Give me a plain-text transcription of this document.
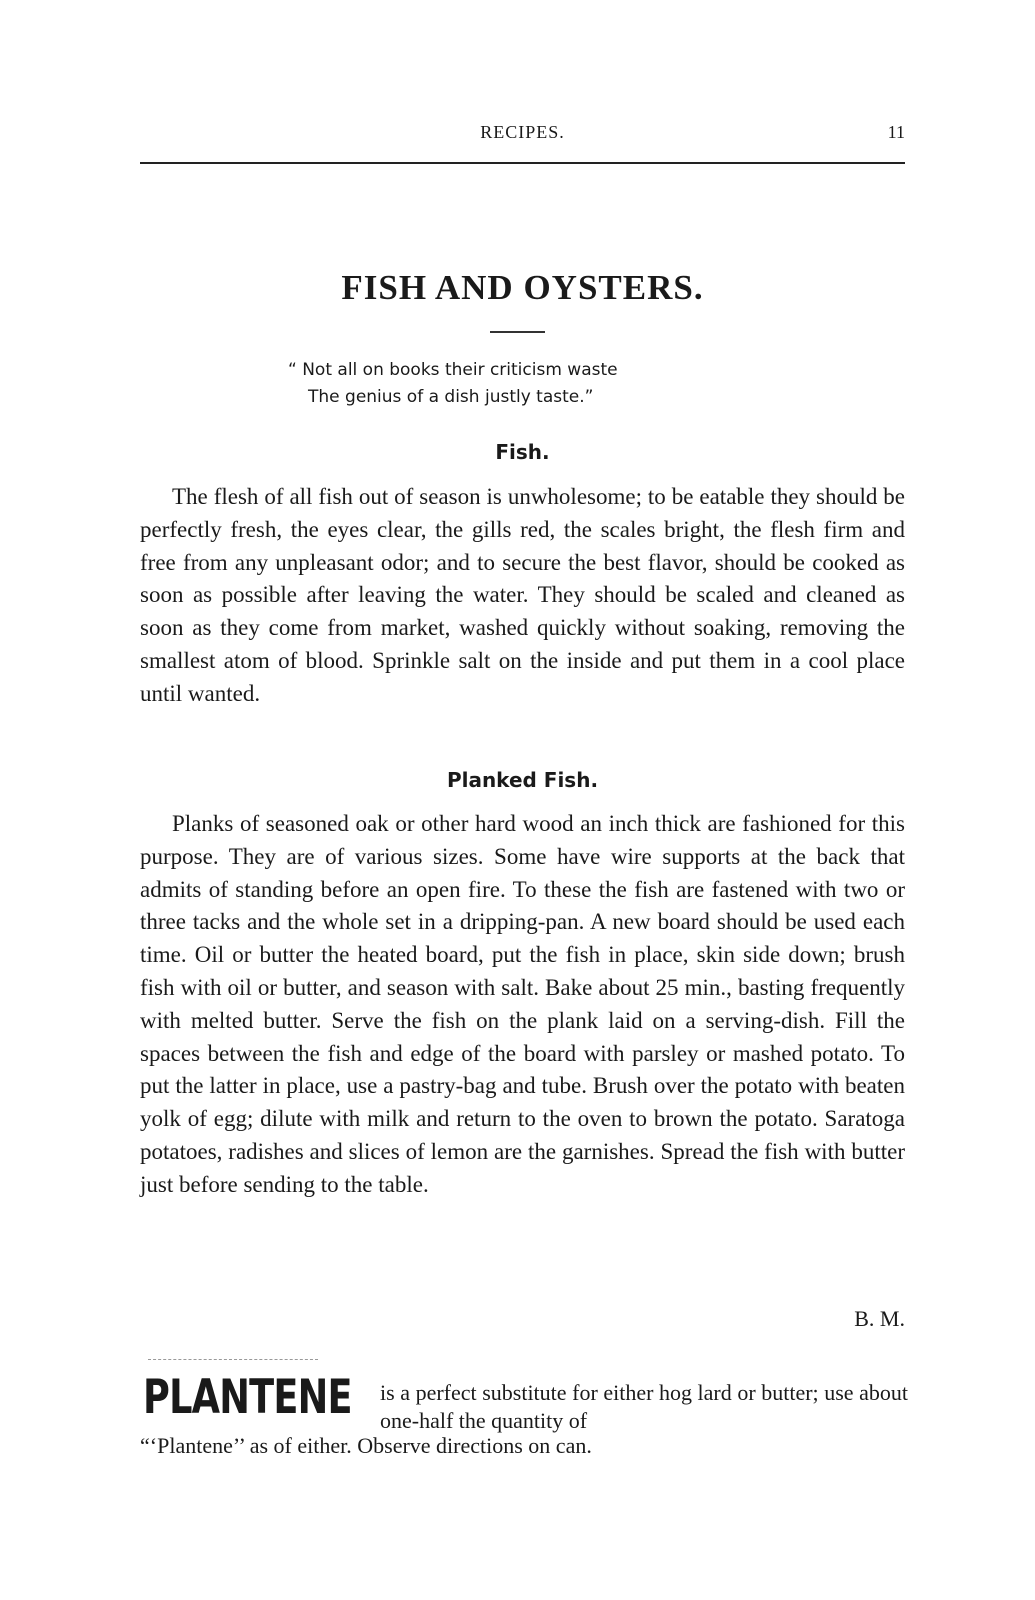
RECIPES.	11
FISH AND OYSTERS.
“ Not all on books their criticism waste
The genius of a dish justly taste.”
Fish.

The flesh of all fish out of season is unwholesome; to be eatable they should be perfectly fresh, the eyes clear, the gills red, the scales bright, the flesh firm and free from any unpleasant odor; and to secure the best flavor, should be cooked as soon as possible after leaving the water. They should be scaled and cleaned as soon as they come from market, washed quickly without soaking, removing the smallest atom of blood. Sprinkle salt on the inside and put them in a cool place until wanted.

Planked Fish.

Planks of seasoned oak or other hard wood an inch thick are fashioned for this purpose. They are of various sizes. Some have wire supports at the back that admits of standing before an open fire. To these the fish are fastened with two or three tacks and the whole set in a dripping-pan. A new board should be used each time. Oil or butter the heated board, put the fish in place, skin side down; brush fish with oil or butter, and season with salt. Bake about 25 min., basting frequently with melted butter. Serve the fish on the plank laid on a serving-dish. Fill the spaces between the fish and edge of the board with parsley or mashed potato. To put the latter in place, use a pastry-bag and tube. Brush over the potato with beaten yolk of egg; dilute with milk and return to the oven to brown the potato. Saratoga potatoes, radishes and slices of lemon are the garnishes. Spread the fish with butter just before sending to the table.

B. M.
PLANTENE is a perfect substitute for either hog lard or butter; use about one-half the quantity of
“‘Plantene’’ as of either. Observe directions on can.
